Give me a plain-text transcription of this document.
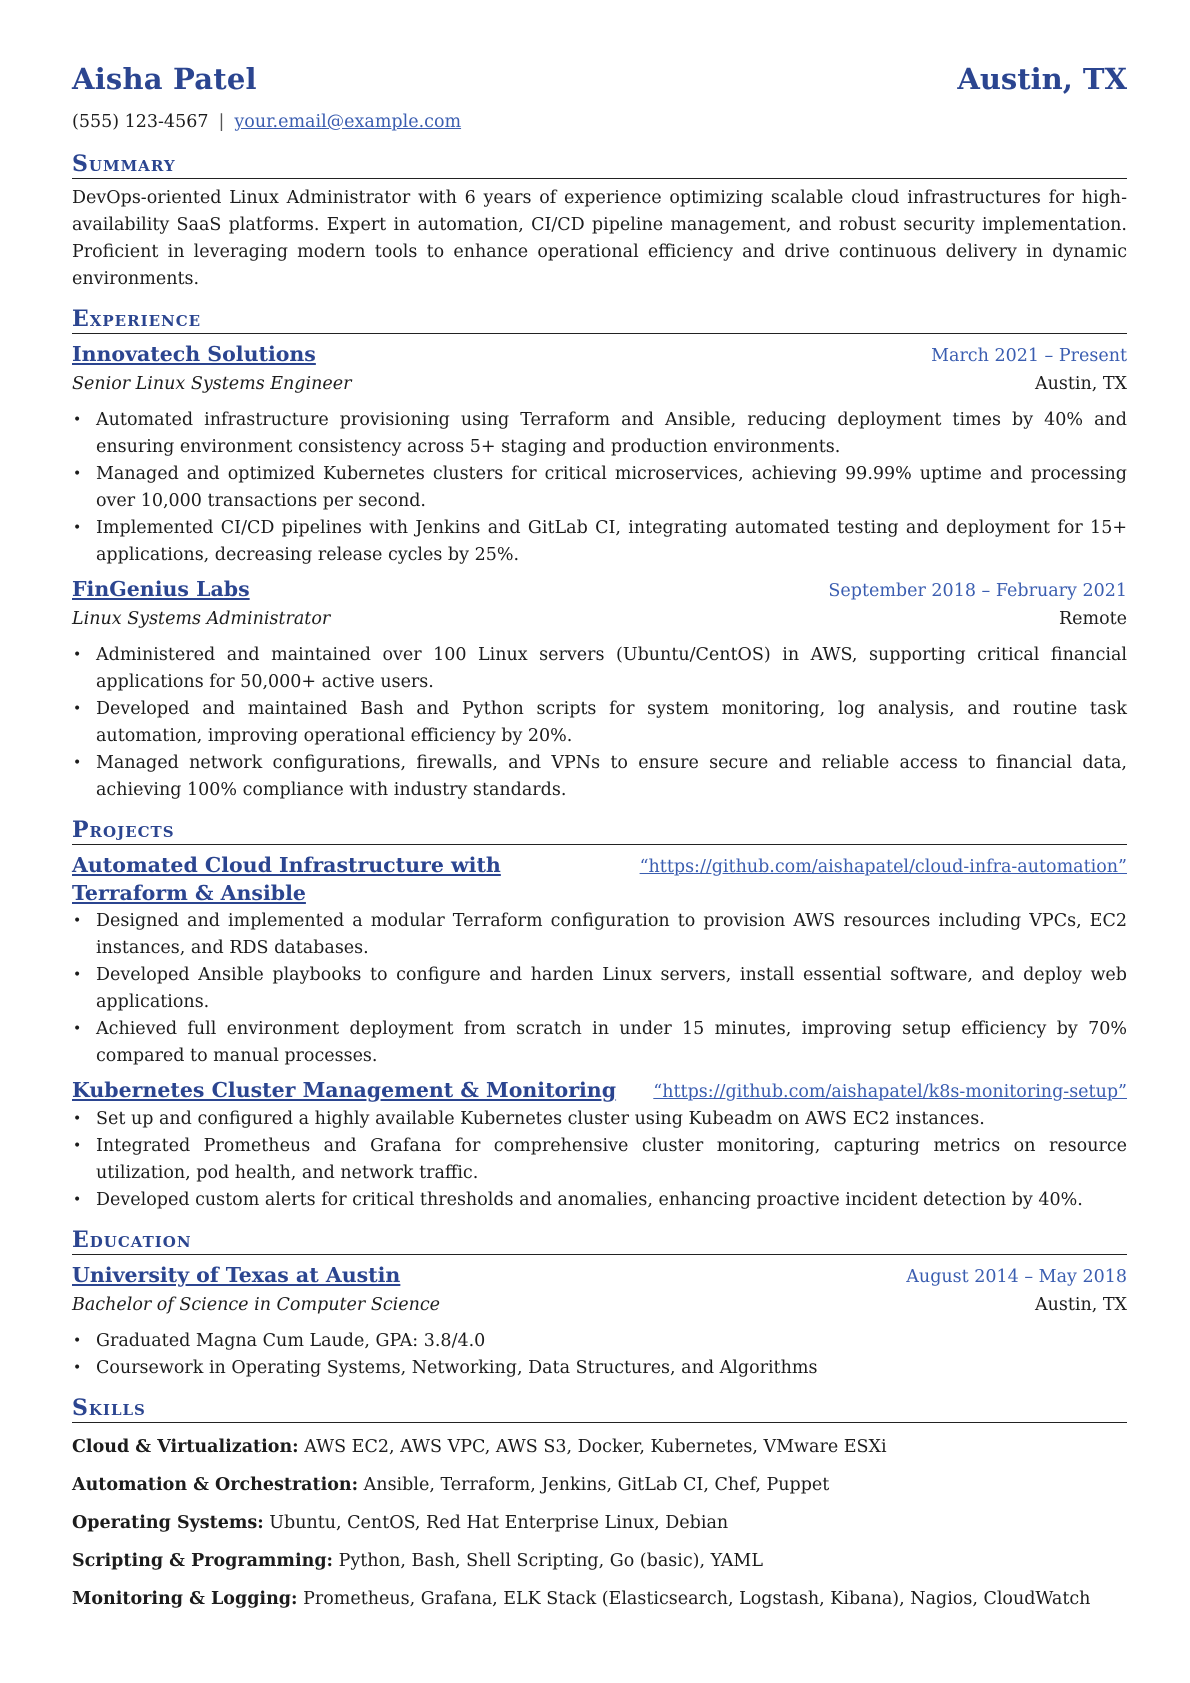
Aisha Patel	Austin, TX
(555) 123-4567 | your.email@example.com
Summary
DevOps-oriented Linux Administrator with 6 years of experience optimizing scalable cloud infrastructures for high-availability SaaS platforms. Expert in automation, CI/CD pipeline management, and robust security implementation. Proficient in leveraging modern tools to enhance operational efficiency and drive continuous delivery in dynamic environments.
Experience
Innovatech Solutions	March 2021 – Present
Senior Linux Systems Engineer	Austin, TX
• Automated infrastructure provisioning using Terraform and Ansible, reducing deployment times by 40% and ensuring environment consistency across 5+ staging and production environments.
• Managed and optimized Kubernetes clusters for critical microservices, achieving 99.99% uptime and processing over 10,000 transactions per second.
• Implemented CI/CD pipelines with Jenkins and GitLab CI, integrating automated testing and deployment for 15+ applications, decreasing release cycles by 25%.
FinGenius Labs	September 2018 – February 2021
Linux Systems Administrator	Remote
• Administered and maintained over 100 Linux servers (Ubuntu/CentOS) in AWS, supporting critical financial applications for 50,000+ active users.
• Developed and maintained Bash and Python scripts for system monitoring, log analysis, and routine task automation, improving operational efficiency by 20%.
• Managed network configurations, firewalls, and VPNs to ensure secure and reliable access to financial data, achieving 100% compliance with industry standards.
Projects
Automated Cloud Infrastructure with Terraform & Ansible
“https://github.com/aishapatel/cloud-infra-automation”
• Designed and implemented a modular Terraform configuration to provision AWS resources including VPCs, EC2 instances, and RDS databases.
• Developed Ansible playbooks to configure and harden Linux servers, install essential software, and deploy web applications.
• Achieved full environment deployment from scratch in under 15 minutes, improving setup efficiency by 70% compared to manual processes.
Kubernetes Cluster Management & Monitoring “https://github.com/aishapatel/k8s-monitoring-setup”
• Set up and configured a highly available Kubernetes cluster using Kubeadm on AWS EC2 instances.
• Integrated Prometheus and Grafana for comprehensive cluster monitoring, capturing metrics on resource utilization, pod health, and network traffic.
• Developed custom alerts for critical thresholds and anomalies, enhancing proactive incident detection by 40%.
Education
University of Texas at Austin	August 2014 – May 2018
Bachelor of Science in Computer Science	Austin, TX
• Graduated Magna Cum Laude, GPA: 3.8/4.0
• Coursework in Operating Systems, Networking, Data Structures, and Algorithms
Skills
Cloud & Virtualization: AWS EC2, AWS VPC, AWS S3, Docker, Kubernetes, VMware ESXi
Automation & Orchestration: Ansible, Terraform, Jenkins, GitLab CI, Chef, Puppet
Operating Systems: Ubuntu, CentOS, Red Hat Enterprise Linux, Debian
Scripting & Programming: Python, Bash, Shell Scripting, Go (basic), YAML
Monitoring & Logging: Prometheus, Grafana, ELK Stack (Elasticsearch, Logstash, Kibana), Nagios, CloudWatch
